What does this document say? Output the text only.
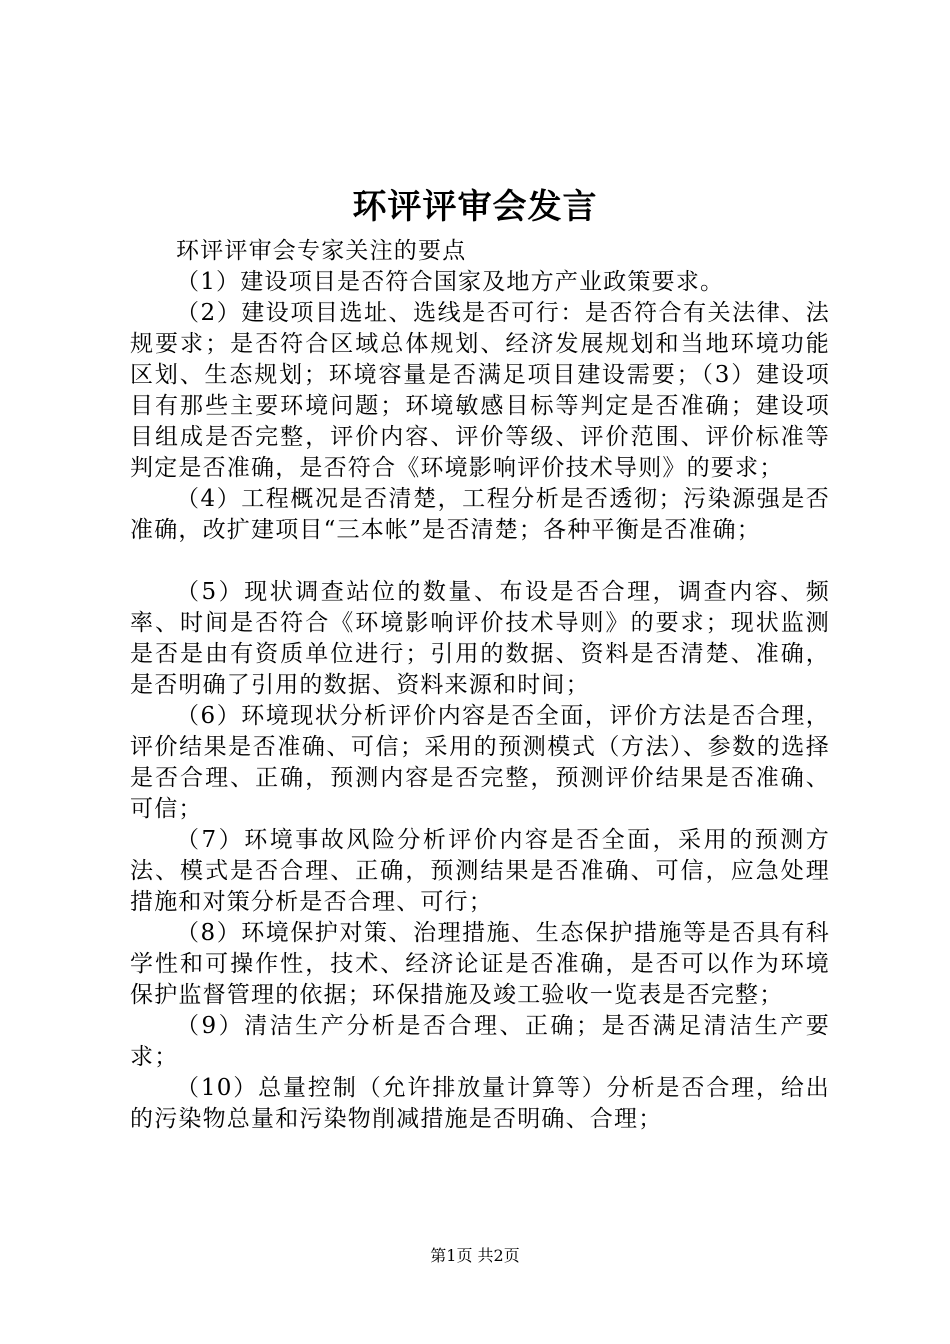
环评评审会发言

环评评审会专家关注的要点

（1）建设项目是否符合国家及地方产业政策要求。

（2）建设项目选址、选线是否可行：是否符合有关法律、法规要求；是否符合区域总体规划、经济发展规划和当地环境功能区划、生态规划；环境容量是否满足项目建设需要；（3）建设项目有那些主要环境问题；环境敏感目标等判定是否准确；建设项目组成是否完整，评价内容、评价等级、评价范围、评价标准等判定是否准确，是否符合《环境影响评价技术导则》的要求；

（4）工程概况是否清楚，工程分析是否透彻；污染源强是否准确，改扩建项目“三本帐”是否清楚；各种平衡是否准确；

（5）现状调查站位的数量、布设是否合理，调查内容、频率、时间是否符合《环境影响评价技术导则》的要求；现状监测是否是由有资质单位进行；引用的数据、资料是否清楚、准确，是否明确了引用的数据、资料来源和时间；

（6）环境现状分析评价内容是否全面，评价方法是否合理，评价结果是否准确、可信；采用的预测模式（方法）、参数的选择是否合理、正确，预测内容是否完整，预测评价结果是否准确、可信；

（7）环境事故风险分析评价内容是否全面，采用的预测方法、模式是否合理、正确，预测结果是否准确、可信，应急处理措施和对策分析是否合理、可行；

（8）环境保护对策、治理措施、生态保护措施等是否具有科学性和可操作性，技术、经济论证是否准确，是否可以作为环境保护监督管理的依据；环保措施及竣工验收一览表是否完整；

（9）清洁生产分析是否合理、正确；是否满足清洁生产要求；

（10）总量控制（允许排放量计算等）分析是否合理，给出的污染物总量和污染物削减措施是否明确、合理；

第1页 共2页
